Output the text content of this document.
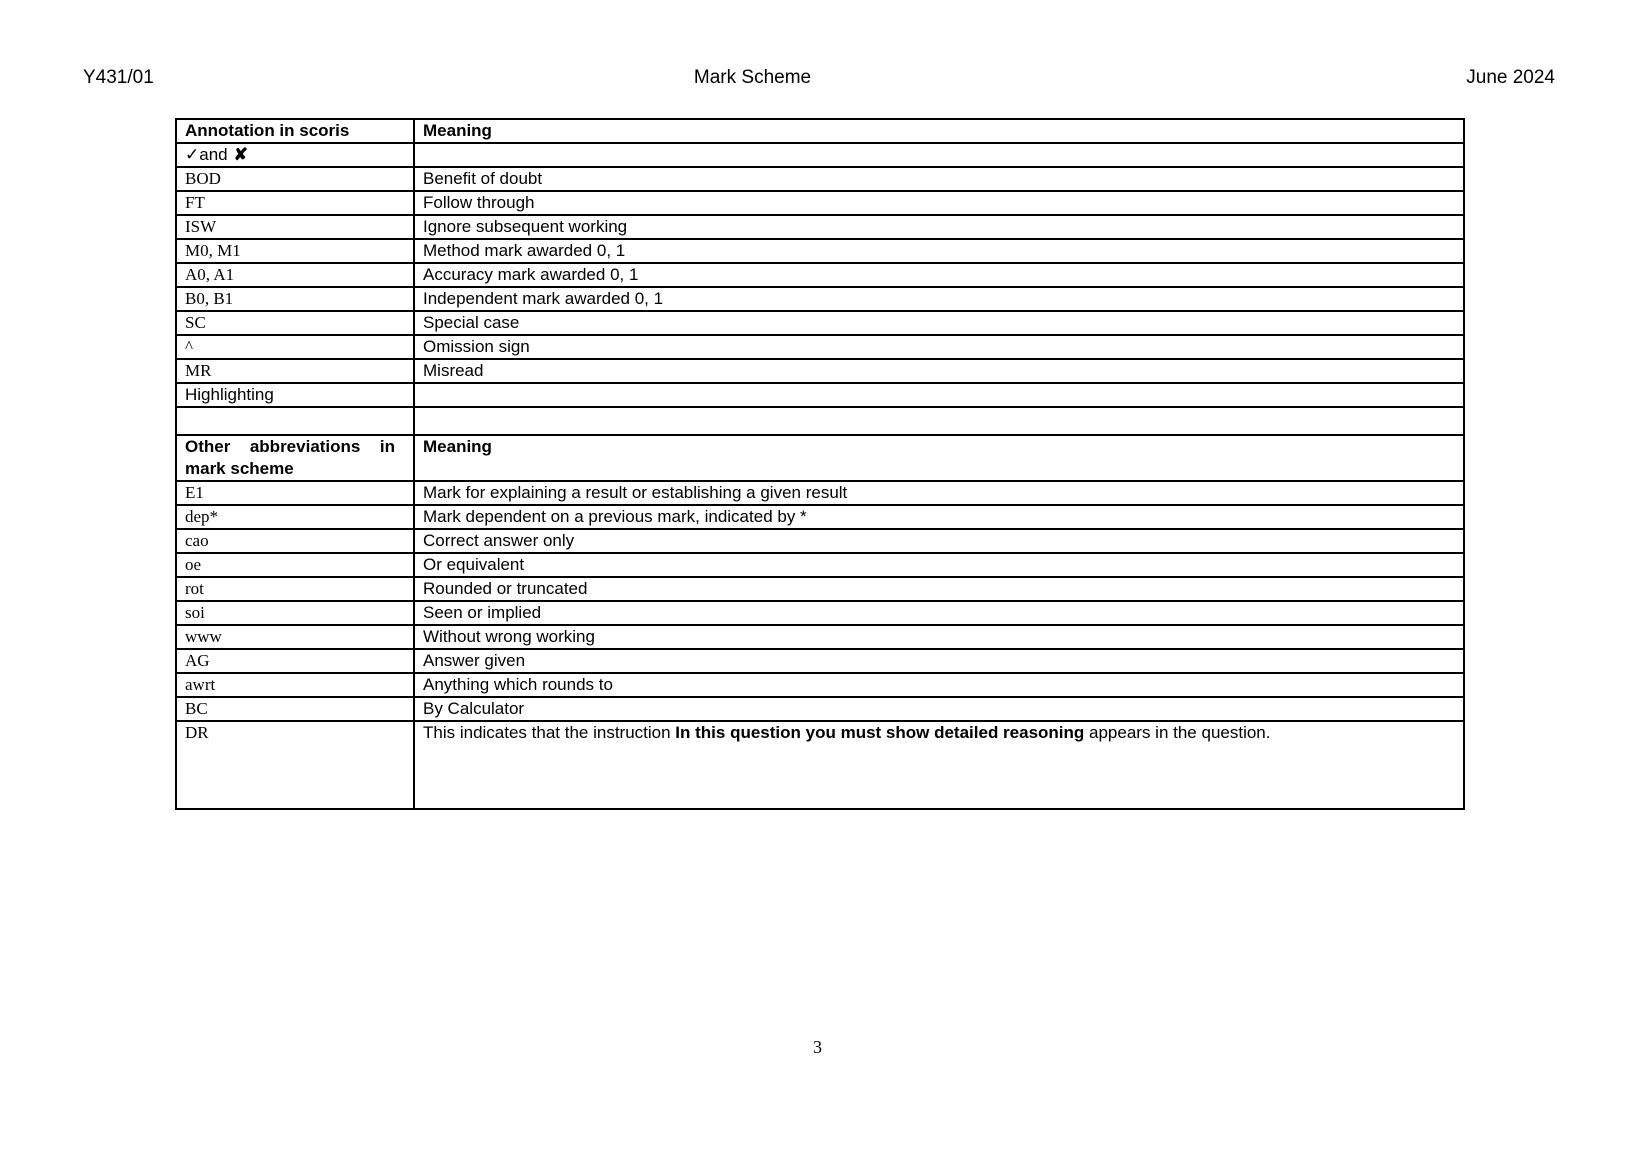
Y431/01	Mark Scheme	June 2024
Annotation in scoris	Meaning
✓and ✘	
BOD	Benefit of doubt
FT	Follow through
ISW	Ignore subsequent working
M0, M1	Method mark awarded 0, 1
A0, A1	Accuracy mark awarded 0, 1
B0, B1	Independent mark awarded 0, 1
SC	Special case
^	Omission sign
MR	Misread
Highlighting	

Other abbreviations in mark scheme	Meaning
E1	Mark for explaining a result or establishing a given result
dep*	Mark dependent on a previous mark, indicated by *
cao	Correct answer only
oe	Or equivalent
rot	Rounded or truncated
soi	Seen or implied
www	Without wrong working
AG	Answer given
awrt	Anything which rounds to
BC	By Calculator
DR	This indicates that the instruction In this question you must show detailed reasoning appears in the question.
3
